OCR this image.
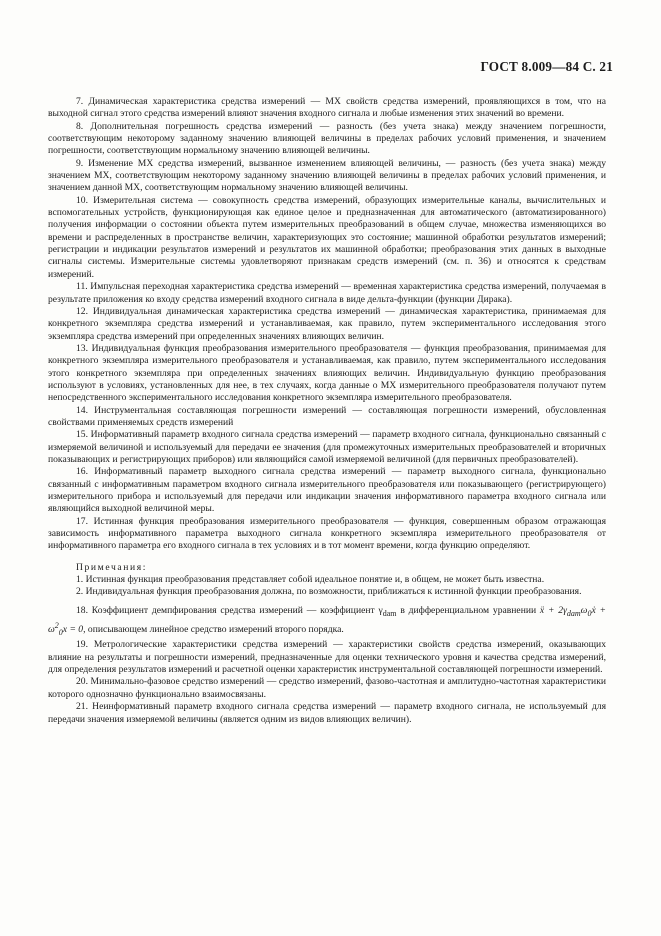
ГОСТ 8.009—84 С. 21

7. Динамическая характеристика средства измерений — МХ свойств средства измерений, проявляющихся в том, что на выходной сигнал этого средства измерений влияют значения входного сигнала и любые изменения этих значений во времени.

8. Дополнительная погрешность средства измерений — разность (без учета знака) между значением погрешности, соответствующим некоторому заданному значению влияющей величины в пределах рабочих условий применения, и значением погрешности, соответствующим нормальному значению влияющей величины.

9. Изменение МХ средства измерений, вызванное изменением влияющей величины, — разность (без учета знака) между значением МХ, соответствующим некоторому заданному значению влияющей величины в пределах рабочих условий применения, и значением данной МХ, соответствующим нормальному значению влияющей величины.

10. Измерительная система — совокупность средства измерений, образующих измерительные каналы, вычислительных и вспомогательных устройств, функционирующая как единое целое и предназначенная для автоматического (автоматизированного) получения информации о состоянии объекта путем измерительных преобразований в общем случае, множества изменяющихся во времени и распределенных в пространстве величин, характеризующих это состояние; машинной обработки результатов измерений; регистрации и индикации результатов измерений и результатов их машинной обработки; преобразования этих данных в выходные сигналы системы. Измерительные системы удовлетворяют признакам средств измерений (см. п. 36) и относятся к средствам измерений.

11. Импульсная переходная характеристика средства измерений — временная характеристика средства измерений, получаемая в результате приложения ко входу средства измерений входного сигнала в виде дельта-функции (функции Дирака).

12. Индивидуальная динамическая характеристика средства измерений — динамическая характеристика, принимаемая для конкретного экземпляра средства измерений и устанавливаемая, как правило, путем экспериментального исследования этого экземпляра средства измерений при определенных значениях влияющих величин.

13. Индивидуальная функция преобразования измерительного преобразователя — функция преобразования, принимаемая для конкретного экземпляра измерительного преобразователя и устанавливаемая, как правило, путем экспериментального исследования этого конкретного экземпляра при определенных значениях влияющих величин. Индивидуальную функцию преобразования используют в условиях, установленных для нее, в тех случаях, когда данные о МХ измерительного преобразователя получают путем непосредственного экспериментального исследования конкретного экземпляра измерительного преобразователя.

14. Инструментальная составляющая погрешности измерений — составляющая погрешности измерений, обусловленная свойствами применяемых средств измерений

15. Информативный параметр входного сигнала средства измерений — параметр входного сигнала, функционально связанный с измеряемой величиной и используемый для передачи ее значения (для промежуточных измерительных преобразователей и вторичных показывающих и регистрирующих приборов) или являющийся самой измеряемой величиной (для первичных преобразователей).

16. Информативный параметр выходного сигнала средства измерений — параметр выходного сигнала, функционально связанный с информативным параметром входного сигнала измерительного преобразователя или показывающего (регистрирующего) измерительного прибора и используемый для передачи или индикации значения информативного параметра входного сигнала или являющийся выходной величиной меры.

17. Истинная функция преобразования измерительного преобразователя — функция, совершенным образом отражающая зависимость информативного параметра выходного сигнала конкретного экземпляра измерительного преобразователя от информативного параметра его входного сигнала в тех условиях и в тот момент времени, когда функцию определяют.

Примечания:

1. Истинная функция преобразования представляет собой идеальное понятие и, в общем, не может быть известна.

2. Индивидуальная функция преобразования должна, по возможности, приближаться к истинной функции преобразования.

18. Коэффициент демпфирования средства измерений — коэффициент $\gamma_{dam}$ в дифференциальном уравнении ẍ + $2\gamma_{dam}\omega_0ẋ + \omega^2_0x = 0$, описывающем линейное средство измерений второго порядка.

19. Метрологические характеристики средства измерений — характеристики свойств средства измерений, оказывающих влияние на результаты и погрешности измерений, предназначенные для оценки технического уровня и качества средства измерений, для определения результатов измерений и расчетной оценки характеристик инструментальной составляющей погрешности измерений.

20. Минимально-фазовое средство измерений — средство измерений, фазово-частотная и амплитудно-частотная характеристики которого однозначно функционально взаимосвязаны.

21. Неинформативный параметр входного сигнала средства измерений — параметр входного сигнала, не используемый для передачи значения измеряемой величины (является одним из видов влияющих величин).
